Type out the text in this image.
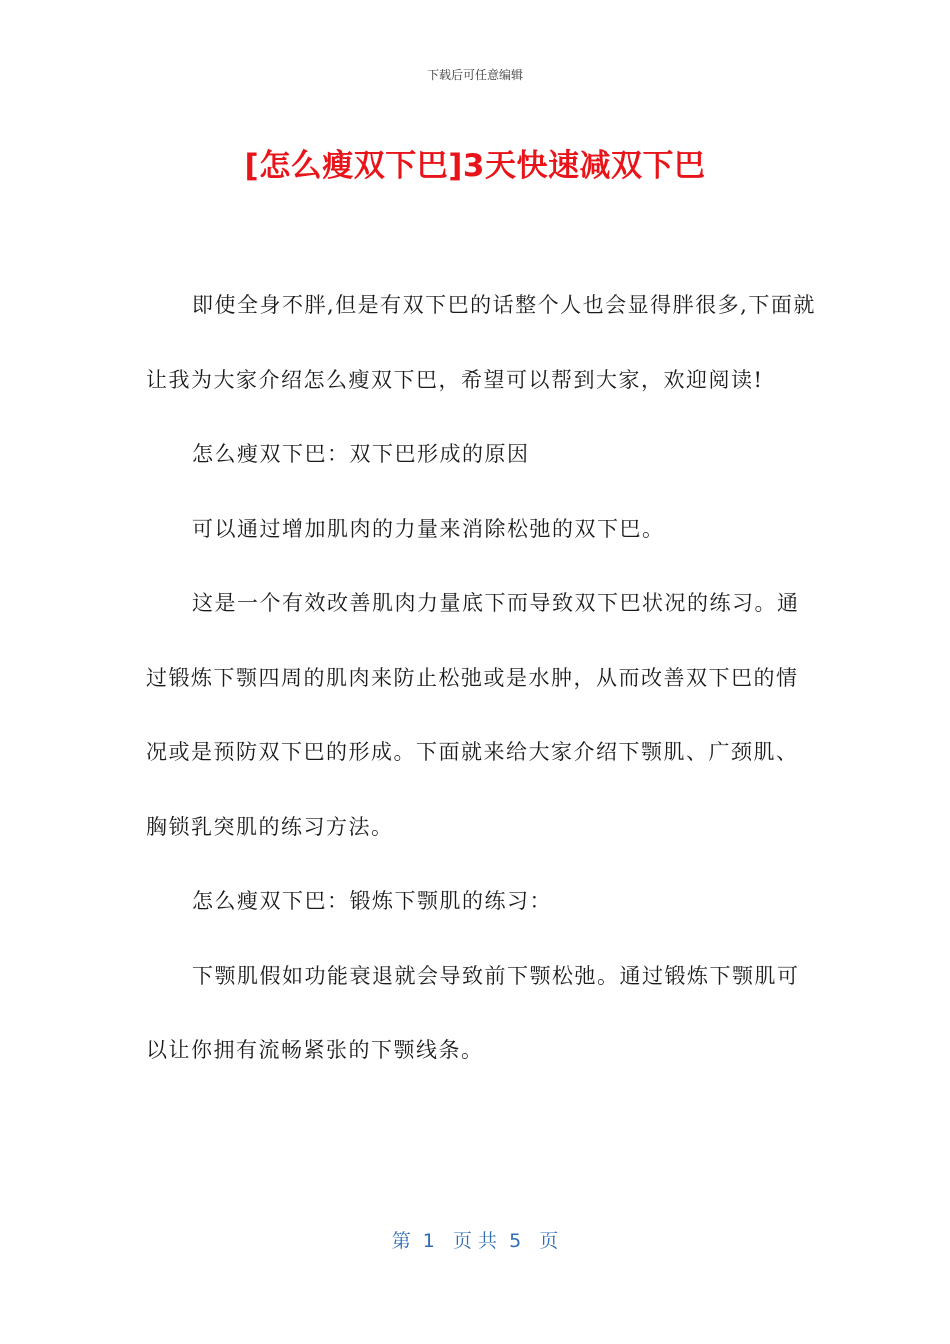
下载后可任意编辑
[怎么瘦双下巴]3天快速减双下巴

即使全身不胖,但是有双下巴的话整个人也会显得胖很多,下面就让我为大家介绍怎么瘦双下巴，希望可以帮到大家，欢迎阅读!

怎么瘦双下巴：双下巴形成的原因

可以通过增加肌肉的力量来消除松弛的双下巴。

这是一个有效改善肌肉力量底下而导致双下巴状况的练习。通过锻炼下颚四周的肌肉来防止松弛或是水肿，从而改善双下巴的情况或是预防双下巴的形成。下面就来给大家介绍下颚肌、广颈肌、胸锁乳突肌的练习方法。

怎么瘦双下巴：锻炼下颚肌的练习：

下颚肌假如功能衰退就会导致前下颚松弛。通过锻炼下颚肌可以让你拥有流畅紧张的下颚线条。

第  1   页 共  5   页
